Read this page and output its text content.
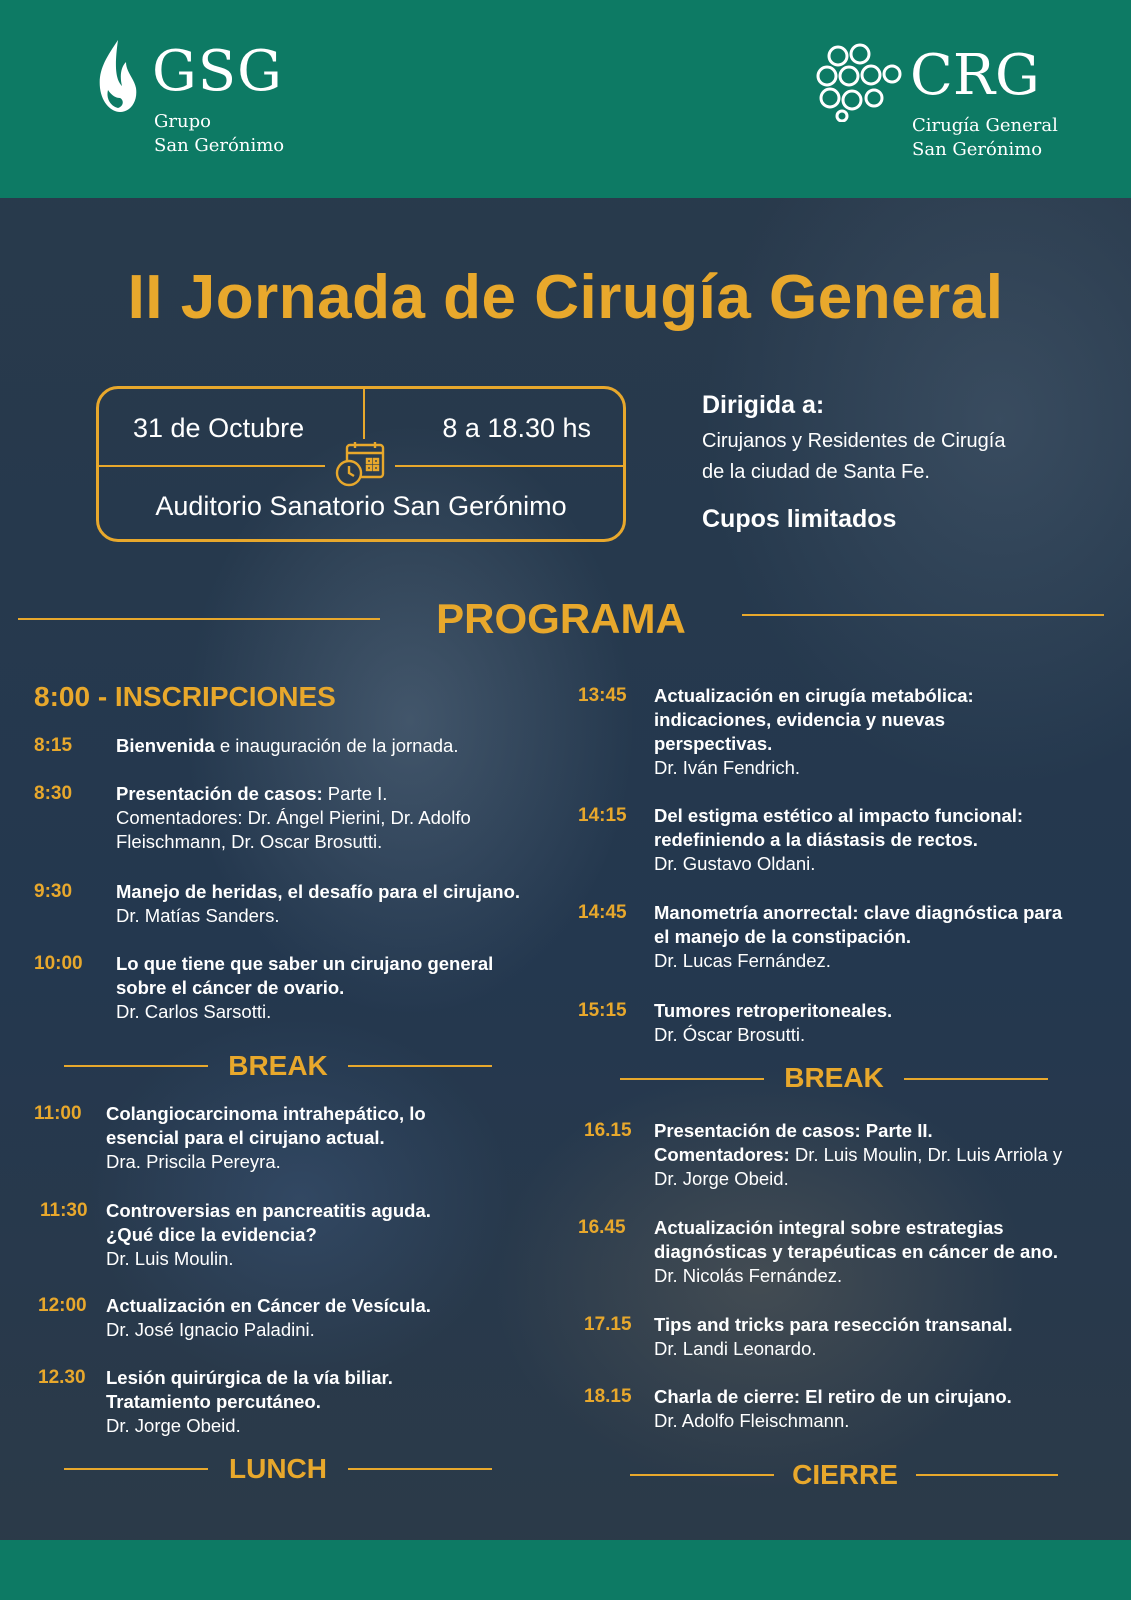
GSG
Grupo
San Gerónimo
CRG
Cirugía General
San Gerónimo
II Jornada de Cirugía General
31 de Octubre	8 a 18.30 hs
Auditorio Sanatorio San Gerónimo
Dirigida a:
Cirujanos y Residentes de Cirugía
de la ciudad de Santa Fe.
Cupos limitados
PROGRAMA
8:00 - INSCRIPCIONES
8:15 Bienvenida e inauguración de la jornada.
8:30 Presentación de casos: Parte I.
Comentadores: Dr. Ángel Pierini, Dr. Adolfo
Fleischmann, Dr. Oscar Brosutti.
9:30 Manejo de heridas, el desafío para el cirujano.
Dr. Matías Sanders.
10:00 Lo que tiene que saber un cirujano general
sobre el cáncer de ovario.
Dr. Carlos Sarsotti.
BREAK
11:00 Colangiocarcinoma intrahepático, lo
esencial para el cirujano actual.
Dra. Priscila Pereyra.
11:30 Controversias en pancreatitis aguda.
¿Qué dice la evidencia?
Dr. Luis Moulin.
12:00 Actualización en Cáncer de Vesícula.
Dr. José Ignacio Paladini.
12.30 Lesión quirúrgica de la vía biliar.
Tratamiento percutáneo.
Dr. Jorge Obeid.
LUNCH
13:45 Actualización en cirugía metabólica:
indicaciones, evidencia y nuevas
perspectivas.
Dr. Iván Fendrich.
14:15 Del estigma estético al impacto funcional:
redefiniendo a la diástasis de rectos.
Dr. Gustavo Oldani.
14:45 Manometría anorrectal: clave diagnóstica para
el manejo de la constipación.
Dr. Lucas Fernández.
15:15 Tumores retroperitoneales.
Dr. Óscar Brosutti.
BREAK
16.15 Presentación de casos: Parte II.
Comentadores: Dr. Luis Moulin, Dr. Luis Arriola y
Dr. Jorge Obeid.
16.45 Actualización integral sobre estrategias
diagnósticas y terapéuticas en cáncer de ano.
Dr. Nicolás Fernández.
17.15 Tips and tricks para resección transanal.
Dr. Landi Leonardo.
18.15 Charla de cierre: El retiro de un cirujano.
Dr. Adolfo Fleischmann.
CIERRE
